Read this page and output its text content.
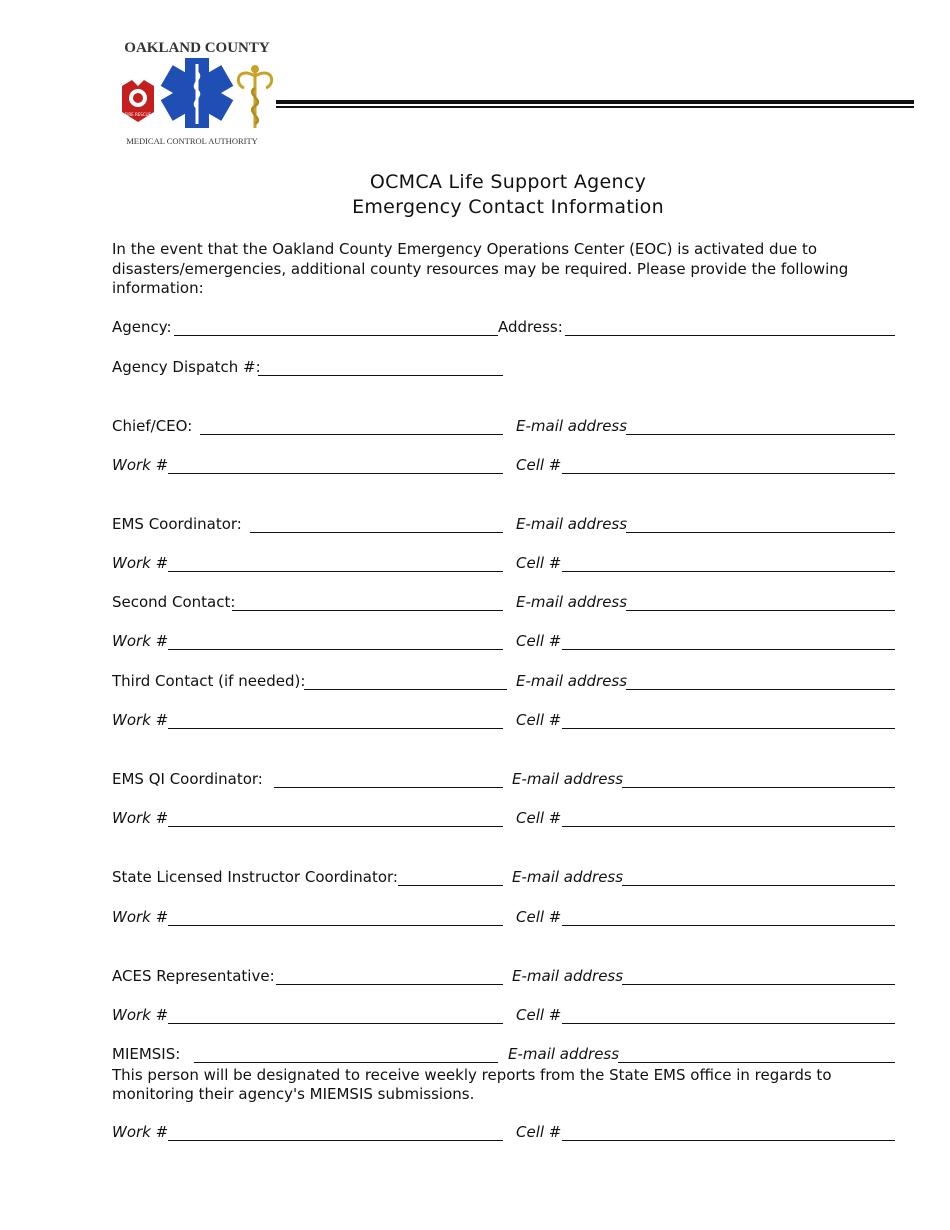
OAKLAND COUNTY
FIRE RESCUE
MEDICAL CONTROL AUTHORITY
OCMCA Life Support Agency
Emergency Contact Information
In the event that the Oakland County Emergency Operations Center (EOC) is activated due to disasters/emergencies, additional county resources may be required. Please provide the following information:
Agency:	Address:
Agency Dispatch #:
Chief/CEO:	E-mail address
Work #	Cell #
EMS Coordinator:	E-mail address
Work #	Cell #
Second Contact:	E-mail address
Work #	Cell #
Third Contact (if needed):	E-mail address
Work #	Cell #
EMS QI Coordinator:	E-mail address
Work #	Cell #
State Licensed Instructor Coordinator:	E-mail address
Work #	Cell #
ACES Representative:	E-mail address
Work #	Cell #
MIEMSIS:	E-mail address
This person will be designated to receive weekly reports from the State EMS office in regards to monitoring their agency's MIEMSIS submissions.
Work #	Cell #
